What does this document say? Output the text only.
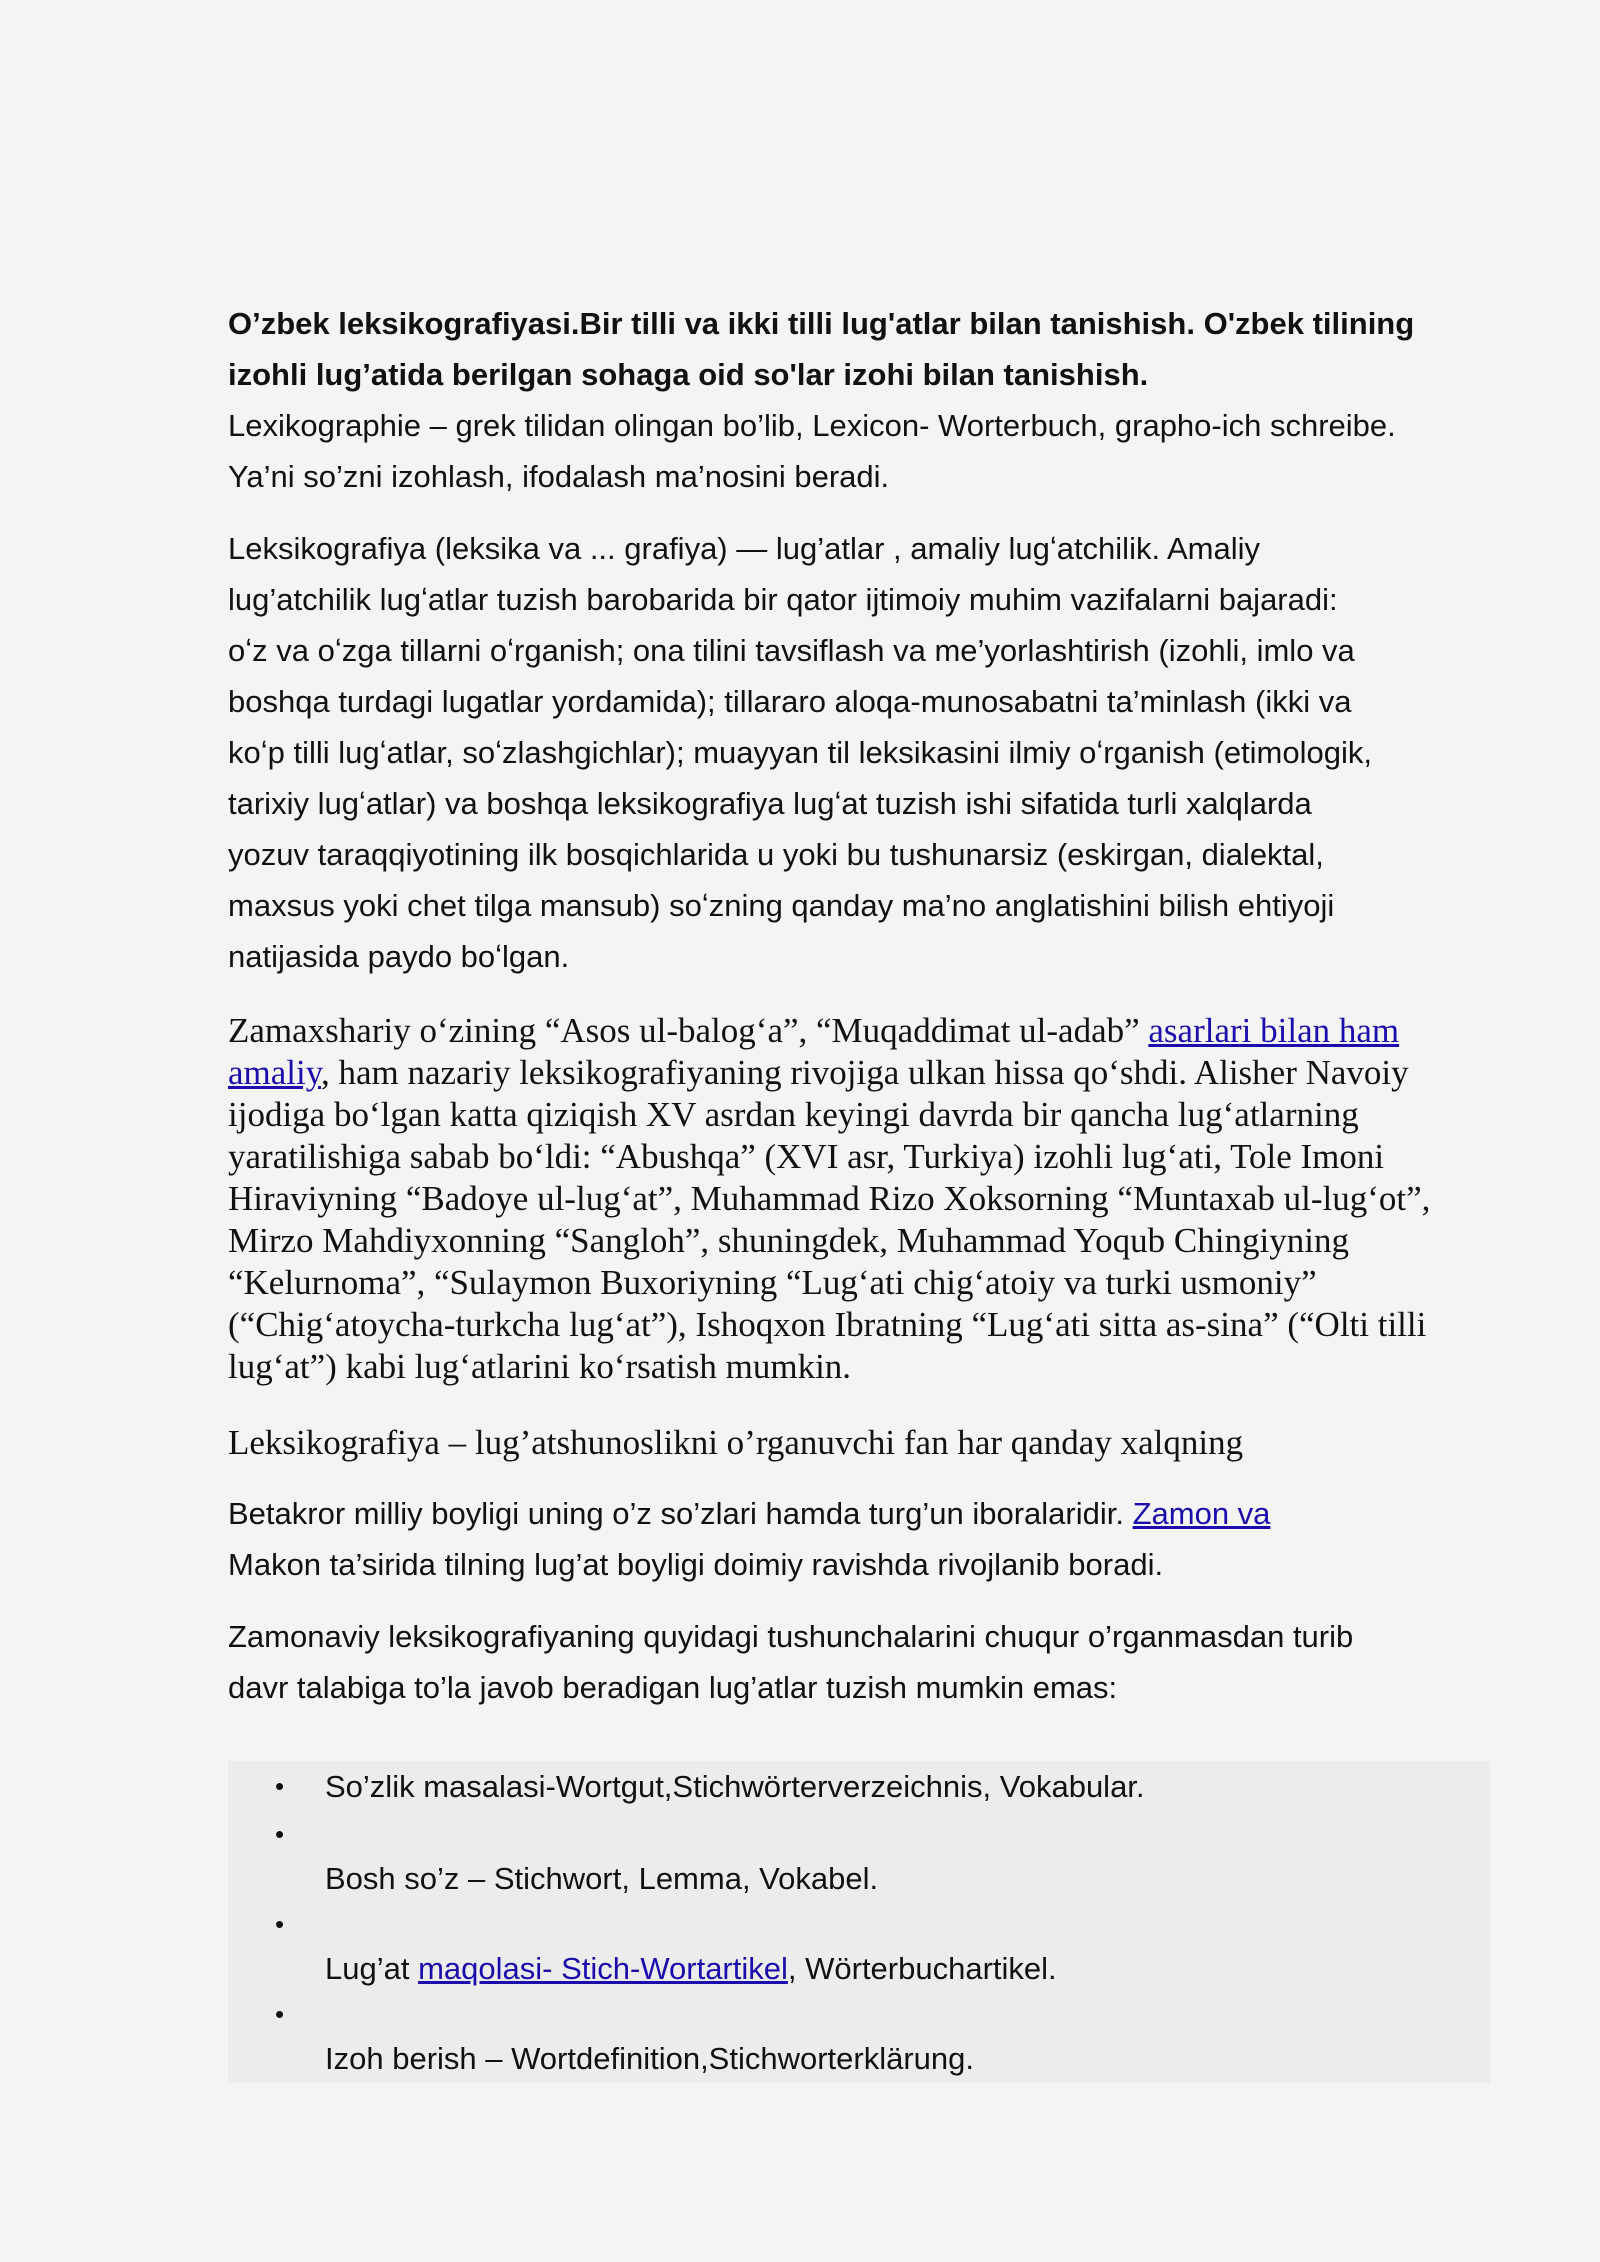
O’zbek leksikografiyasi.Bir tilli va ikki tilli lug'atlar bilan tanishish. O'zbek tilining
izohli lug’atida berilgan sohaga oid so'lar izohi bilan tanishish.

Lexikographie – grek tilidan olingan bo’lib, Lexicon- Worterbuch, grapho-ich schreibe.
Ya’ni so’zni izohlash, ifodalash ma’nosini beradi.

Leksikografiya (leksika va ... grafiya) — lug’atlar , amaliy lugʻatchilik. Amaliy
lug’atchilik lugʻatlar tuzish barobarida bir qator ijtimoiy muhim vazifalarni bajaradi:
oʻz va oʻzga tillarni oʻrganish; ona tilini tavsiflash va me’yorlashtirish (izohli, imlo va
boshqa turdagi lugatlar yordamida); tillararo aloqa-munosabatni ta’minlash (ikki va
koʻp tilli lugʻatlar, soʻzlashgichlar); muayyan til leksikasini ilmiy oʻrganish (etimologik,
tarixiy lugʻatlar) va boshqa leksikografiya lugʻat tuzish ishi sifatida turli xalqlarda
yozuv taraqqiyotining ilk bosqichlarida u yoki bu tushunarsiz (eskirgan, dialektal,
maxsus yoki chet tilga mansub) soʻzning qanday ma’no anglatishini bilish ehtiyoji
natijasida paydo boʻlgan.

Zamaxshariy oʻzining “Asos ul-balogʻa”, “Muqaddimat ul-adab” asarlari bilan ham
amaliy, ham nazariy leksikografiyaning rivojiga ulkan hissa qoʻshdi. Alisher Navoiy
ijodiga boʻlgan katta qiziqish XV asrdan keyingi davrda bir qancha lugʻatlarning
yaratilishiga sabab boʻldi: “Abushqa” (XVI asr, Turkiya) izohli lugʻati, Tole Imoni
Hiraviyning “Badoye ul-lugʻat”, Muhammad Rizo Xoksorning “Muntaxab ul-lugʻot”,
Mirzo Mahdiyxonning “Sangloh”, shuningdek, Muhammad Yoqub Chingiyning
“Kelurnoma”, “Sulaymon Buxoriyning “Lugʻati chigʻatoiy va turki usmoniy”
(“Chigʻatoycha-turkcha lugʻat”), Ishoqxon Ibratning “Lugʻati sitta as-sina” (“Olti tilli
lugʻat”) kabi lugʻatlarini koʻrsatish mumkin.

Leksikografiya – lug’atshunoslikni o’rganuvchi fan har qanday xalqning

Betakror milliy boyligi uning o’z so’zlari hamda turg’un iboralaridir. Zamon va
Makon ta’sirida tilning lug’at boyligi doimiy ravishda rivojlanib boradi.

Zamonaviy leksikografiyaning quyidagi tushunchalarini chuqur o’rganmasdan turib
davr talabiga to’la javob beradigan lug’atlar tuzish mumkin emas:

• So’zlik masalasi-Wortgut,Stichwörterverzeichnis, Vokabular.
•
Bosh so’z – Stichwort, Lemma, Vokabel.
•
Lug’at maqolasi- Stich-Wortartikel, Wörterbuchartikel.
•
Izoh berish – Wortdefinition,Stichworterklärung.
